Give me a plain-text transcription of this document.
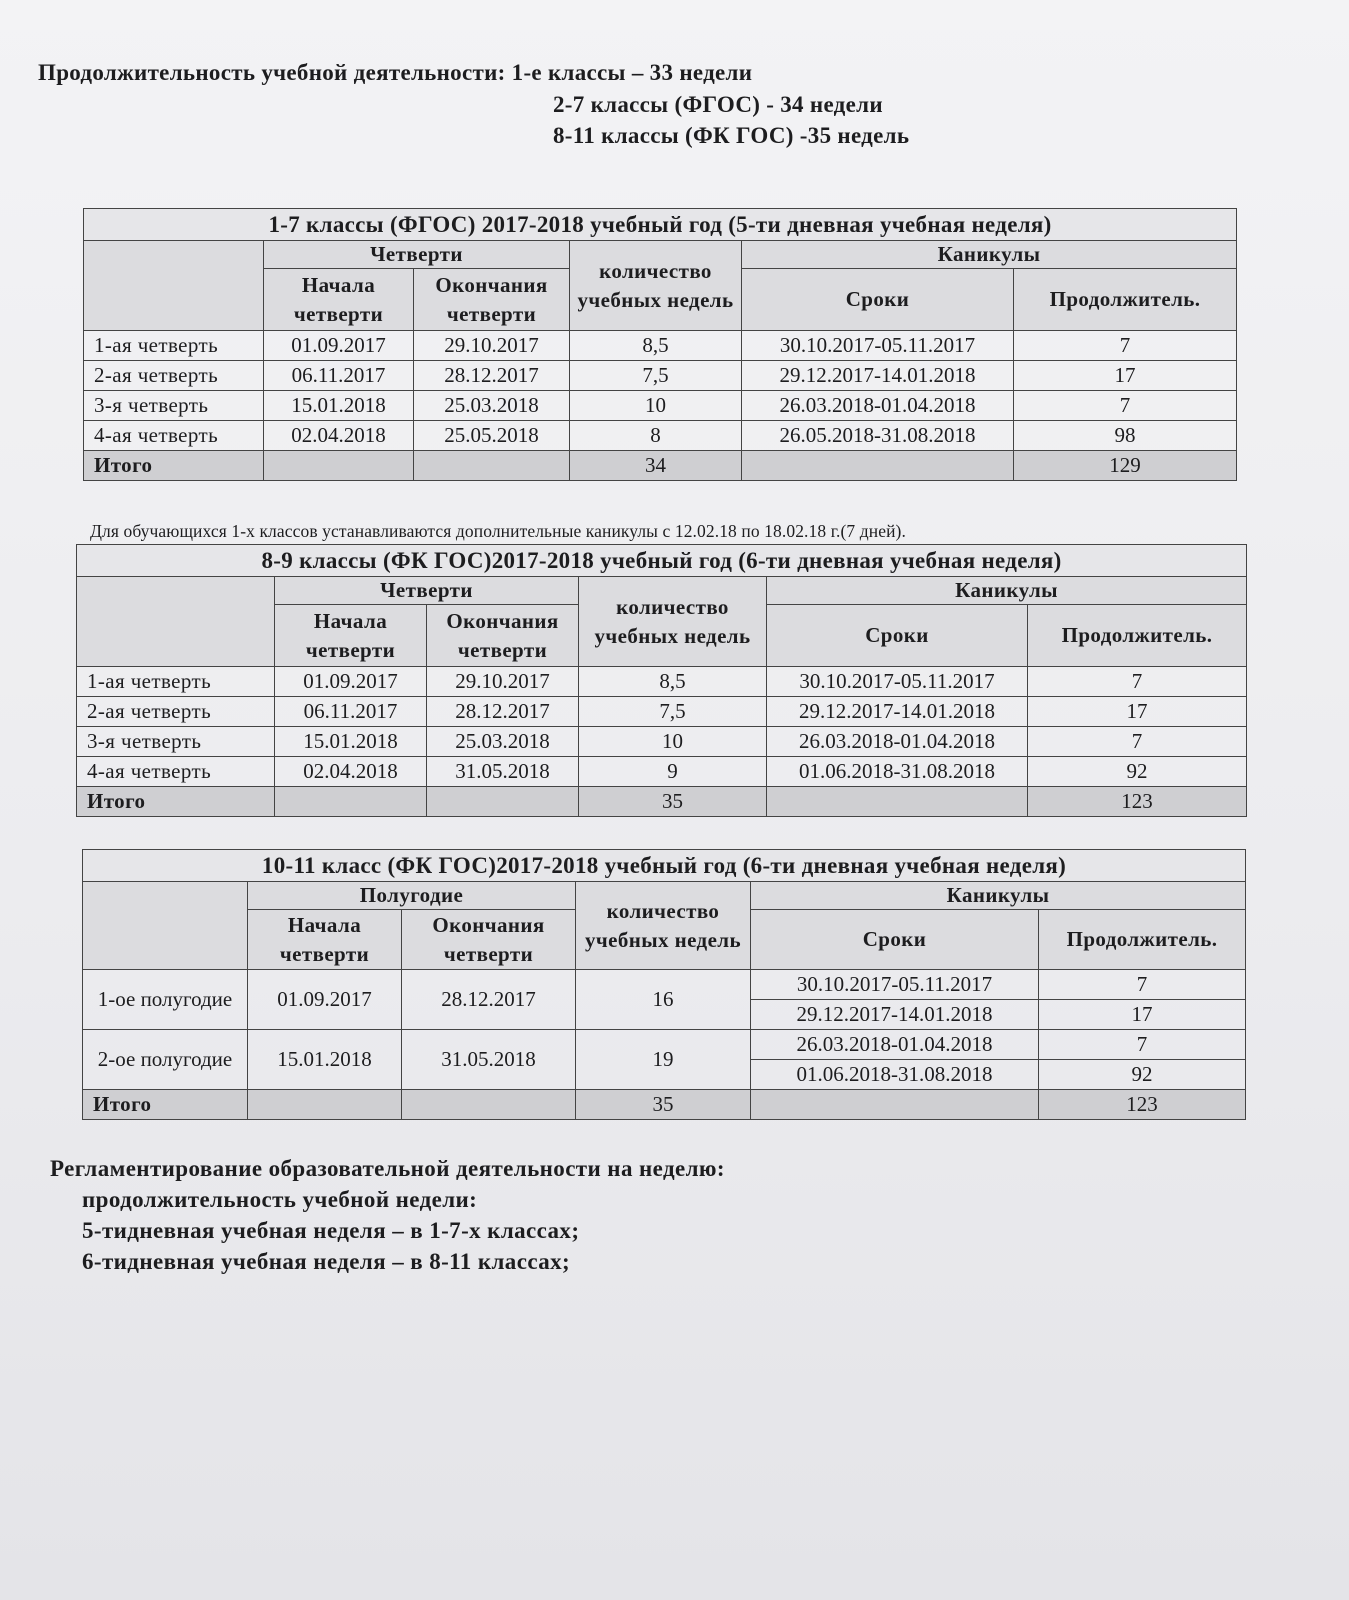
Продолжительность учебной деятельности: 1-е классы – 33 недели
2-7 классы (ФГОС) - 34 недели
8-11 классы (ФК ГОС) -35 недель
1-7 классы (ФГОС) 2017-2018 учебный год (5-ти дневная учебная неделя)					
	Четверти		количество учебных недель	Каникулы	
	Начала четверти	Окончания четверти		Сроки	Продолжитель.
1-ая четверть	01.09.2017	29.10.2017	8,5	30.10.2017-05.11.2017	7
2-ая четверть	06.11.2017	28.12.2017	7,5	29.12.2017-14.01.2018	17
3-я четверть	15.01.2018	25.03.2018	10	26.03.2018-01.04.2018	7
4-ая четверть	02.04.2018	25.05.2018	8	26.05.2018-31.08.2018	98
Итого			34		129
Для обучающихся 1-х классов устанавливаются дополнительные каникулы с 12.02.18 по 18.02.18 г.(7 дней).
8-9 классы (ФК ГОС)2017-2018 учебный год (6-ти дневная учебная неделя)					
	Четверти		количество учебных недель	Каникулы	
	Начала четверти	Окончания четверти		Сроки	Продолжитель.
1-ая четверть	01.09.2017	29.10.2017	8,5	30.10.2017-05.11.2017	7
2-ая четверть	06.11.2017	28.12.2017	7,5	29.12.2017-14.01.2018	17
3-я четверть	15.01.2018	25.03.2018	10	26.03.2018-01.04.2018	7
4-ая четверть	02.04.2018	31.05.2018	9	01.06.2018-31.08.2018	92
Итого			35		123
10-11 класс (ФК ГОС)2017-2018 учебный год (6-ти дневная учебная неделя)					
	Полугодие		количество учебных недель	Каникулы	
	Начала четверти	Окончания четверти		Сроки	Продолжитель.
1-ое полугодие	01.09.2017	28.12.2017	16	30.10.2017-05.11.2017	7
				29.12.2017-14.01.2018	17
2-ое полугодие	15.01.2018	31.05.2018	19	26.03.2018-01.04.2018	7
				01.06.2018-31.08.2018	92
Итого			35		123
Регламентирование образовательной деятельности на неделю:
продолжительность учебной недели:
5-тидневная учебная неделя – в 1-7-х классах;
6-тидневная учебная неделя – в 8-11 классах;
